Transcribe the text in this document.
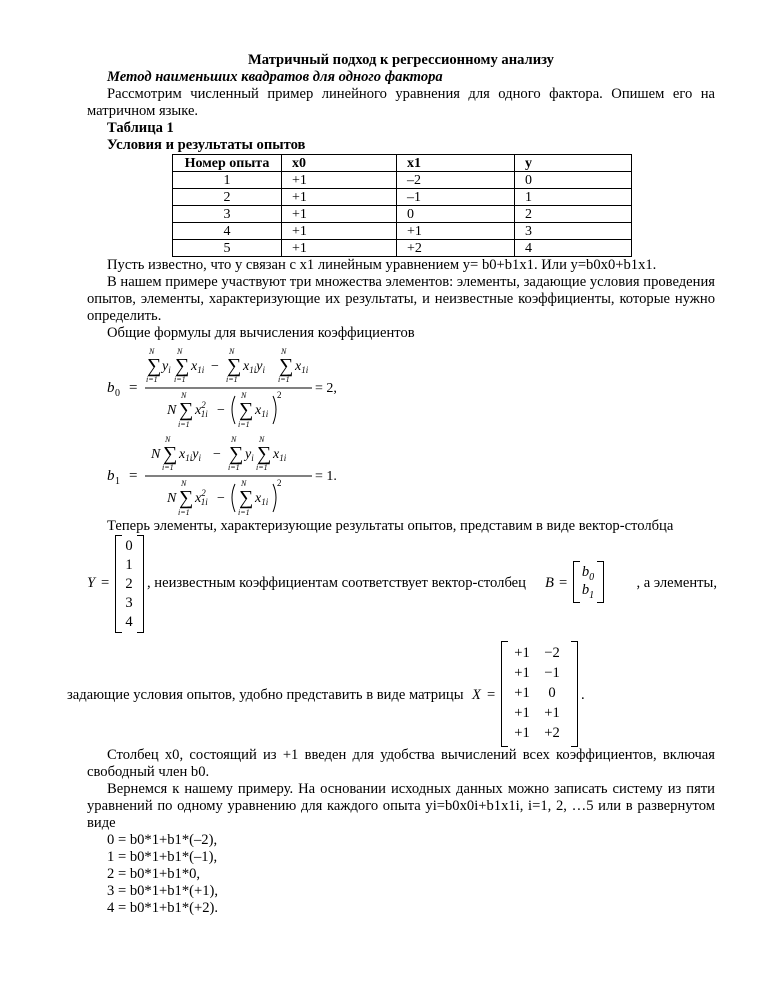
Матричный подход к регрессионному анализу

Метод наименьших квадратов для одного фактора

Рассмотрим численный пример линейного уравнения для одного фактора. Опишем его на матричном языке.

Таблица 1

Условия и результаты опытов

Номер опыта	x0	x1	y
1	+1	–2	0
2	+1	–1	1
3	+1	0	2
4	+1	+1	3
5	+1	+2	4

Пусть известно, что y связан с x1 линейным уравнением y= b0+b1x1. Или y=b0x0+b1x1.

В нашем примере участвуют три множества элементов: элементы, задающие условия проведения опытов, элементы, характеризующие их результаты, и неизвестные коэффициенты, которые нужно определить.

Общие формулы для вычисления коэффициентов

b 0 =
∑
N
i=1
$y_i$ ∑
N
i=1
$x_{1i}$ − ∑
N
i=1
$x_{1i}y_i$ ∑
N
i=1
$x_{1i}$
N ∑
N
i=1
$x^2$ 1i − ∑
N
i=1
$x_{1i}$
2 = 2,
b 1 =
N ∑
N
i=1
$x_{1i}y_i$ − ∑
N
i=1
$y_i$ ∑
N
i=1
$x_{1i}$
N ∑
N
i=1
$x^2$ 1i − ∑
N
i=1
$x_{1i}$
2 = 1.

Теперь элементы, характеризующие результаты опытов, представим в виде вектор-столбца

Y =
0
1
2
3
4
, неизвестным коэффициентам соответствует вектор-столбец	B =
$b_0$
$b_1$
, а элементы,
задающие условия опытов, удобно представить в виде матрицы X =
+1 −2
+1 −1
+1	0
+1 +1
+1 +2
.

Столбец x0, состоящий из +1 введен для удобства вычислений всех коэффициентов, включая свободный член b0.

Вернемся к нашему примеру. На основании исходных данных можно записать систему из пяти уравнений по одному уравнению для каждого опыта yi=b0x0i+b1x1i, i=1, 2, …5 или в развернутом виде

0 = b0*1+b1*(–2),

1 = b0*1+b1*(–1),

2 = b0*1+b1*0,

3 = b0*1+b1*(+1),

4 = b0*1+b1*(+2).
